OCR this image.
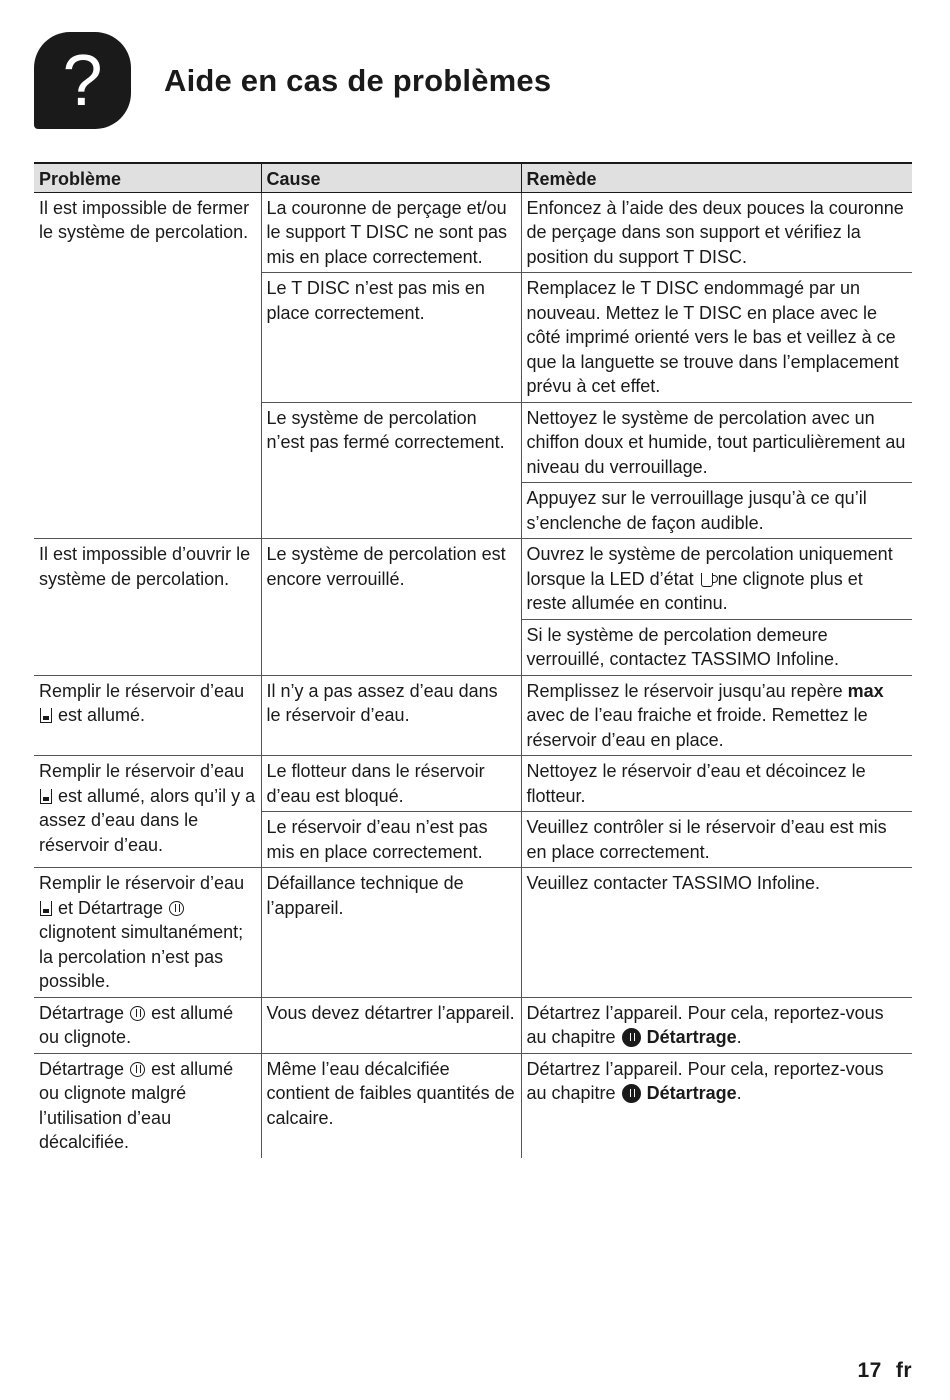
?	Aide en cas de problèmes
Problème	Cause	Remède
Il est impossible de fermer le système de percolation.	La couronne de perçage et/ou le support T DISC ne sont pas mis en place correctement.	Enfoncez à l’aide des deux pouces la couronne de perçage dans son support et vérifiez la position du support T DISC.
	Le T DISC n’est pas mis en place correctement.	Remplacez le T DISC endommagé par un nouveau. Mettez le T DISC en place avec le côté imprimé orienté vers le bas et veillez à ce que la languette se trouve dans l’emplacement prévu à cet effet.
	Le système de percolation n’est pas fermé correctement.	Nettoyez le système de percolation avec un chiffon doux et humide, tout particulièrement au niveau du verrouillage.
		Appuyez sur le verrouillage jusqu’à ce qu’il s’enclenche de façon audible.
Il est impossible d’ouvrir le système de percolation.	Le système de percolation est encore verrouillé.	Ouvrez le système de percolation uniquement lorsque la LED d’état ne clignote plus et reste allumée en continu.
		Si le système de percolation demeure verrouillé, contactez TASSIMO Infoline.
Remplir le réservoir d’eau  est allumé.	Il n’y a pas assez d’eau dans le réservoir d’eau.	Remplissez le réservoir jusqu’au repère max avec de l’eau fraiche et froide. Remettez le réservoir d’eau en place.
Remplir le réservoir d’eau  est allumé, alors qu’il y a assez d’eau dans le réservoir d’eau.	Le flotteur dans le réservoir d’eau est bloqué.	Nettoyez le réservoir d’eau et décoincez le flotteur.
	Le réservoir d’eau n’est pas mis en place correctement.	Veuillez contrôler si le réservoir d’eau est mis en place correctement.
Remplir le réservoir d’eau  et Détartrage  clignotent simultanément; la percolation n’est pas possible.	Défaillance technique de l’appareil.	Veuillez contacter TASSIMO Infoline.
Détartrage est allumé ou clignote.	Vous devez détartrer l’appareil.	Détartrez l’appareil. Pour cela, reportez-vous au chapitre Détartrage.
Détartrage est allumé ou clignote malgré l’utilisation d’eau décalcifiée.	Même l’eau décalcifiée contient de faibles quantités de calcaire.	Détartrez l’appareil. Pour cela, reportez-vous au chapitre Détartrage.
17 fr
